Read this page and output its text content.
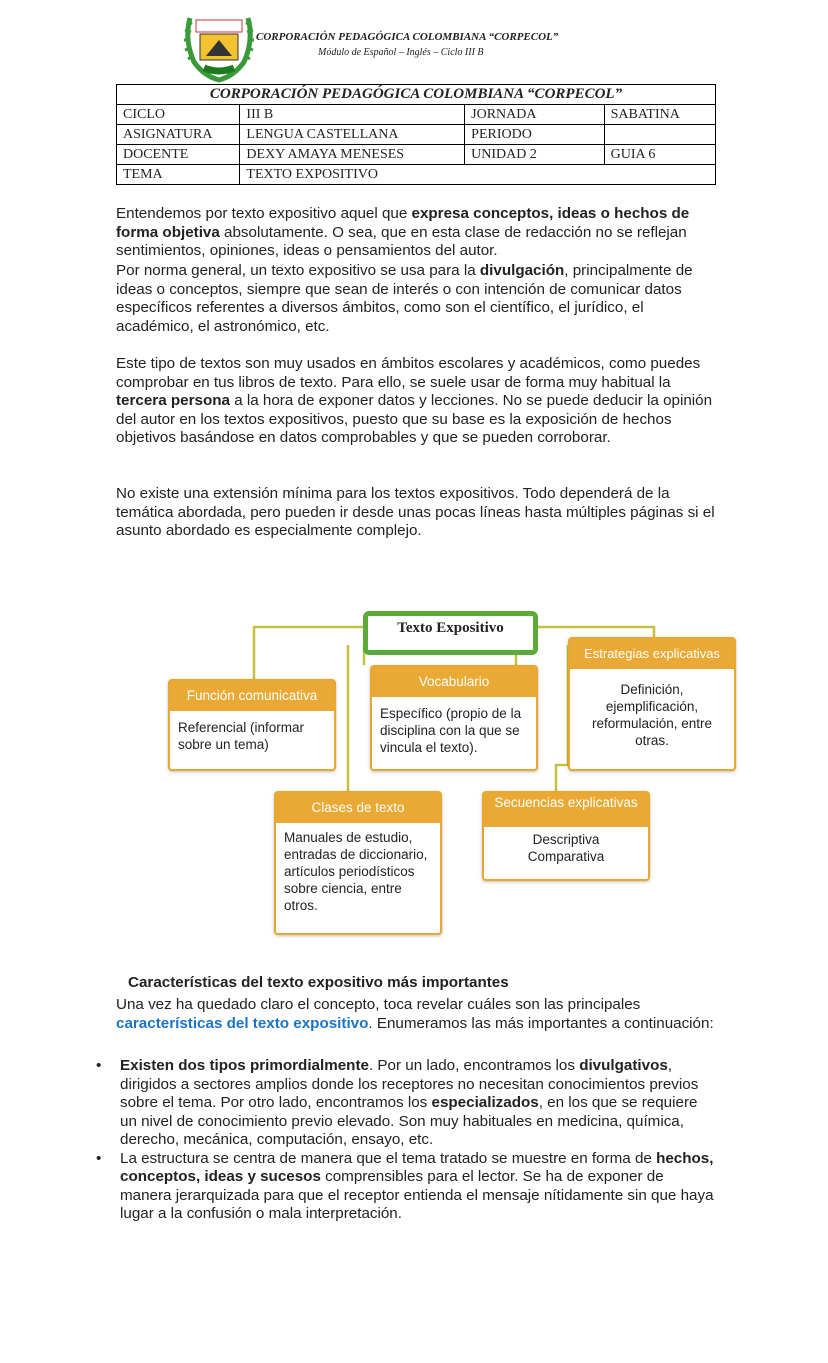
CORPORACIÓN PEDAGÓGICA COLOMBIANA “CORPECOL”
Módulo de Español – Inglés – Ciclo III B
CORPORACIÓN PEDAGÓGICA COLOMBIANA “CORPECOL”			
CICLO	III B	JORNADA	SABATINA
ASIGNATURA	LENGUA CASTELLANA	PERIODO	
DOCENTE	DEXY AMAYA MENESES	UNIDAD 2	GUIA 6
TEMA	TEXTO EXPOSITIVO		

Entendemos por texto expositivo aquel que expresa conceptos, ideas o hechos de forma objetiva absolutamente. O sea, que en esta clase de redacción no se reflejan sentimientos, opiniones, ideas o pensamientos del autor.

Por norma general, un texto expositivo se usa para la divulgación, principalmente de ideas o conceptos, siempre que sean de interés o con intención de comunicar datos específicos referentes a diversos ámbitos, como son el científico, el jurídico, el académico, el astronómico, etc.

Este tipo de textos son muy usados en ámbitos escolares y académicos, como puedes comprobar en tus libros de texto. Para ello, se suele usar de forma muy habitual la tercera persona a la hora de exponer datos y lecciones. No se puede deducir la opinión del autor en los textos expositivos, puesto que su base es la exposición de hechos objetivos basándose en datos comprobables y que se pueden corroborar.

No existe una extensión mínima para los textos expositivos. Todo dependerá de la temática abordada, pero pueden ir desde unas pocas líneas hasta múltiples páginas si el asunto abordado es especialmente complejo.

Texto Expositivo
Función comunicativa
Referencial (informar sobre un tema)
Vocabulario
Específico (propio de la disciplina con la que se vincula el texto).
Estrategias explicativas
Definición, ejemplificación, reformulación, entre otras.
Clases de texto
Manuales de estudio, entradas de diccionario, artículos periodísticos sobre ciencia, entre otros.
Secuencias explicativas
Descriptiva
Comparativa
Características del texto expositivo más importantes

Una vez ha quedado claro el concepto, toca revelar cuáles son las principales características del texto expositivo. Enumeramos las más importantes a continuación:

• Existen dos tipos primordialmente. Por un lado, encontramos los divulgativos, dirigidos a sectores amplios donde los receptores no necesitan conocimientos previos sobre el tema. Por otro lado, encontramos los especializados, en los que se requiere un nivel de conocimiento previo elevado. Son muy habituales en medicina, química, derecho, mecánica, computación, ensayo, etc.
• La estructura se centra de manera que el tema tratado se muestre en forma de hechos, conceptos, ideas y sucesos comprensibles para el lector. Se ha de exponer de manera jerarquizada para que el receptor entienda el mensaje nítidamente sin que haya lugar a la confusión o mala interpretación.
